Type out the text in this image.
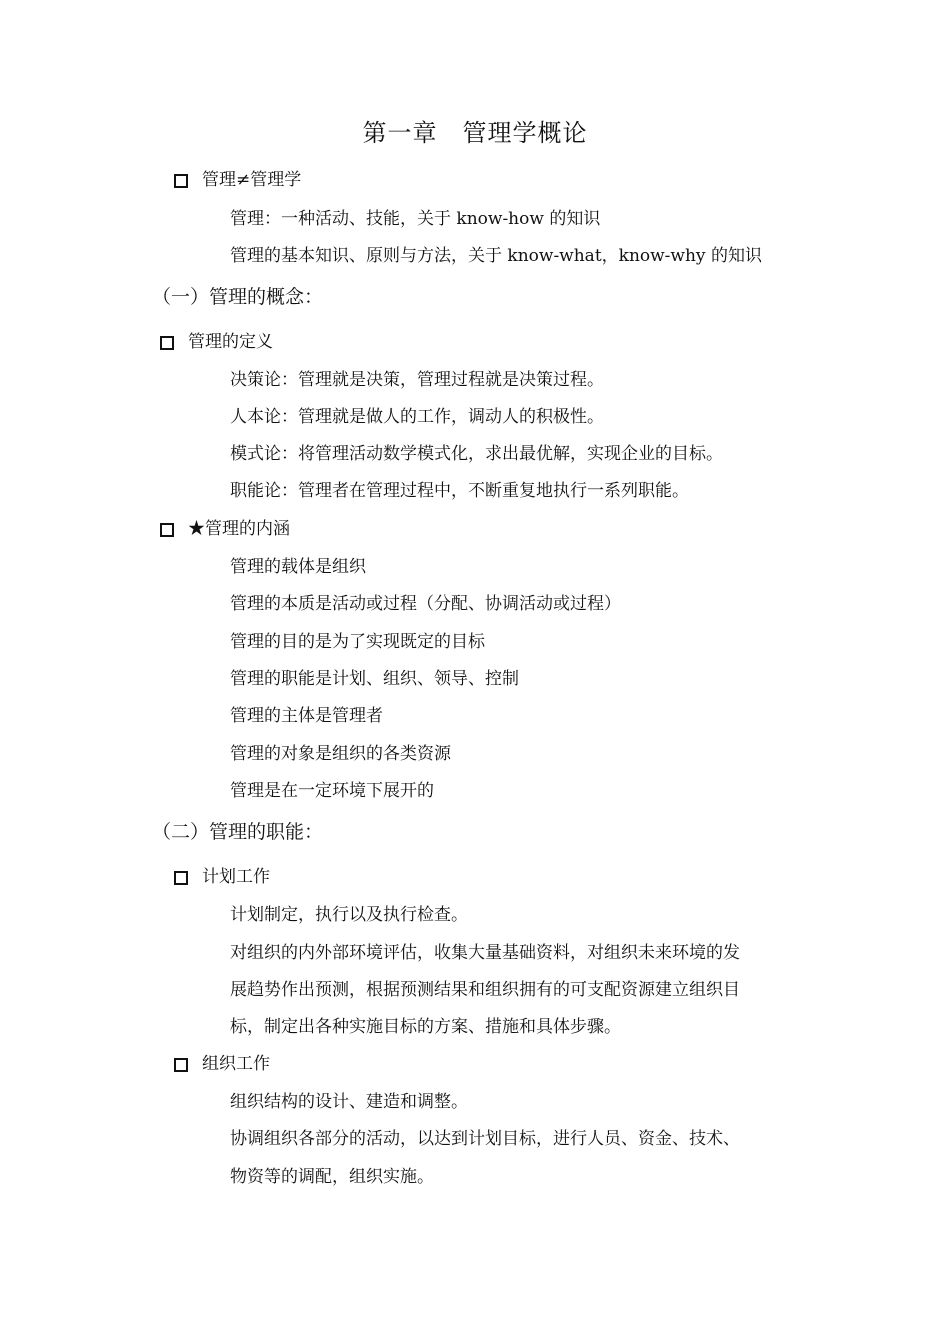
第一章　管理学概论
管理≠管理学
管理：一种活动、技能，关于 know-how 的知识
管理的基本知识、原则与方法，关于 know-what，know-why 的知识
（一）管理的概念：
管理的定义
决策论：管理就是决策，管理过程就是决策过程。
人本论：管理就是做人的工作，调动人的积极性。
模式论：将管理活动数学模式化，求出最优解，实现企业的目标。
职能论：管理者在管理过程中，不断重复地执行一系列职能。
★管理的内涵
管理的载体是组织
管理的本质是活动或过程（分配、协调活动或过程）
管理的目的是为了实现既定的目标
管理的职能是计划、组织、领导、控制
管理的主体是管理者
管理的对象是组织的各类资源
管理是在一定环境下展开的
（二）管理的职能：
计划工作
计划制定，执行以及执行检查。
对组织的内外部环境评估，收集大量基础资料，对组织未来环境的发
展趋势作出预测，根据预测结果和组织拥有的可支配资源建立组织目
标，制定出各种实施目标的方案、措施和具体步骤。
组织工作
组织结构的设计、建造和调整。
协调组织各部分的活动，以达到计划目标，进行人员、资金、技术、
物资等的调配，组织实施。
